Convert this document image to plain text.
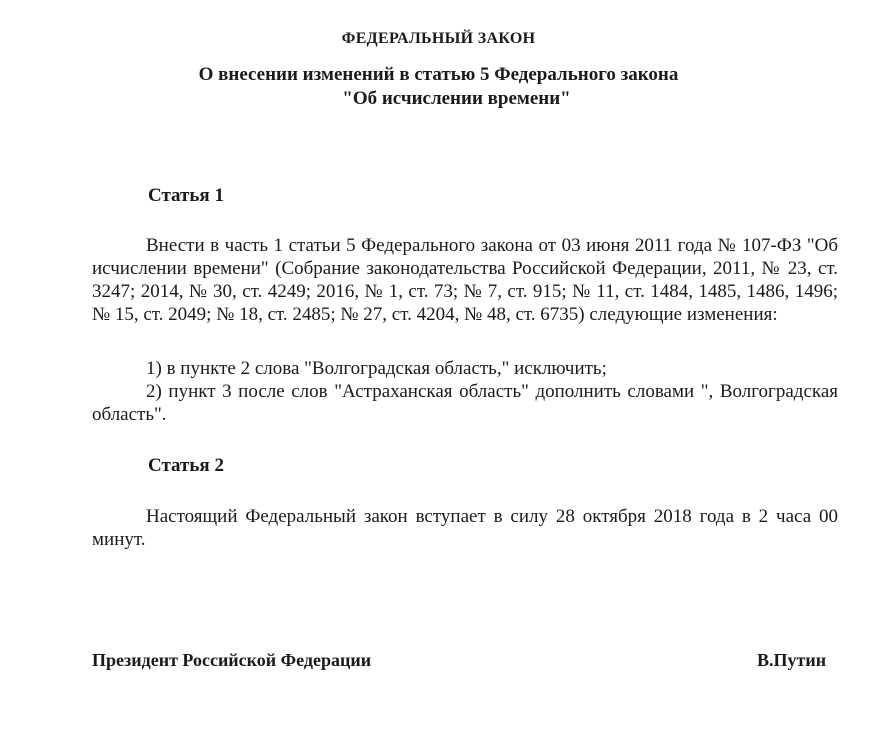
ФЕДЕРАЛЬНЫЙ ЗАКОН
О внесении изменений в статью 5 Федерального закона
"Об исчислении времени"
Статья 1
Внести в часть 1 статьи 5 Федерального закона от 03 июня 2011 года № 107-ФЗ "Об исчислении времени" (Собрание законодательства Российской Федерации, 2011, № 23, ст. 3247; 2014, № 30, ст. 4249; 2016, № 1, ст. 73; № 7, ст. 915; № 11, ст. 1484, 1485, 1486, 1496; № 15, ст. 2049; № 18, ст. 2485; № 27, ст. 4204, № 48, ст. 6735) следующие изменения:
1) в пункте 2 слова "Волгоградская область," исключить;
2) пункт 3 после слов "Астраханская область" дополнить словами ", Волгоградская область".
Статья 2
Настоящий Федеральный закон вступает в силу 28 октября 2018 года в 2 часа 00 минут.
Президент Российской Федерации	В.Путин
